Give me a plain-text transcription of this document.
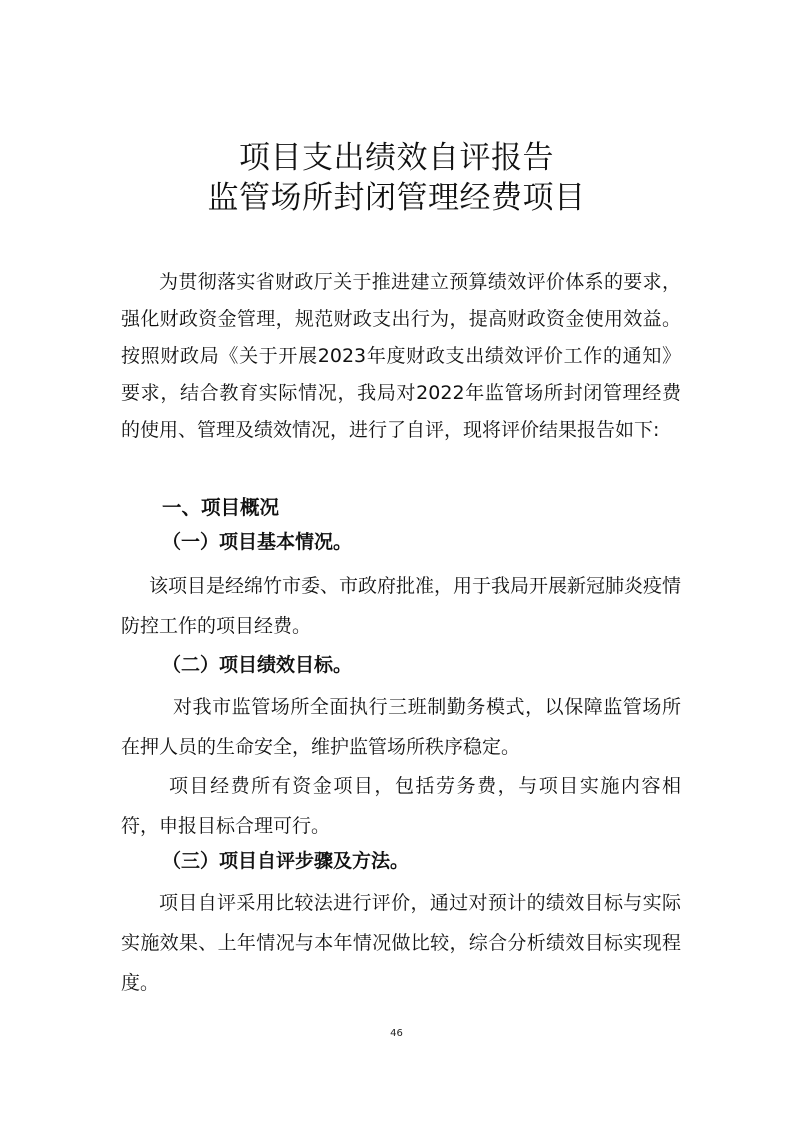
项目支出绩效自评报告
监管场所封闭管理经费项目

为贯彻落实省财政厅关于推进建立预算绩效评价体系的要求，强化财政资金管理，规范财政支出行为，提高财政资金使用效益。按照财政局《关于开展2023年度财政支出绩效评价工作的通知》要求，结合教育实际情况，我局对2022年监管场所封闭管理经费的使用、管理及绩效情况，进行了自评，现将评价结果报告如下:

一、项目概况

（一）项目基本情况。

该项目是经绵竹市委、市政府批准，用于我局开展新冠肺炎疫情防控工作的项目经费。

（二）项目绩效目标。

对我市监管场所全面执行三班制勤务模式，以保障监管场所在押人员的生命安全，维护监管场所秩序稳定。

项目经费所有资金项目，包括劳务费，与项目实施内容相符，申报目标合理可行。

（三）项目自评步骤及方法。

项目自评采用比较法进行评价，通过对预计的绩效目标与实际实施效果、上年情况与本年情况做比较，综合分析绩效目标实现程度。

46
